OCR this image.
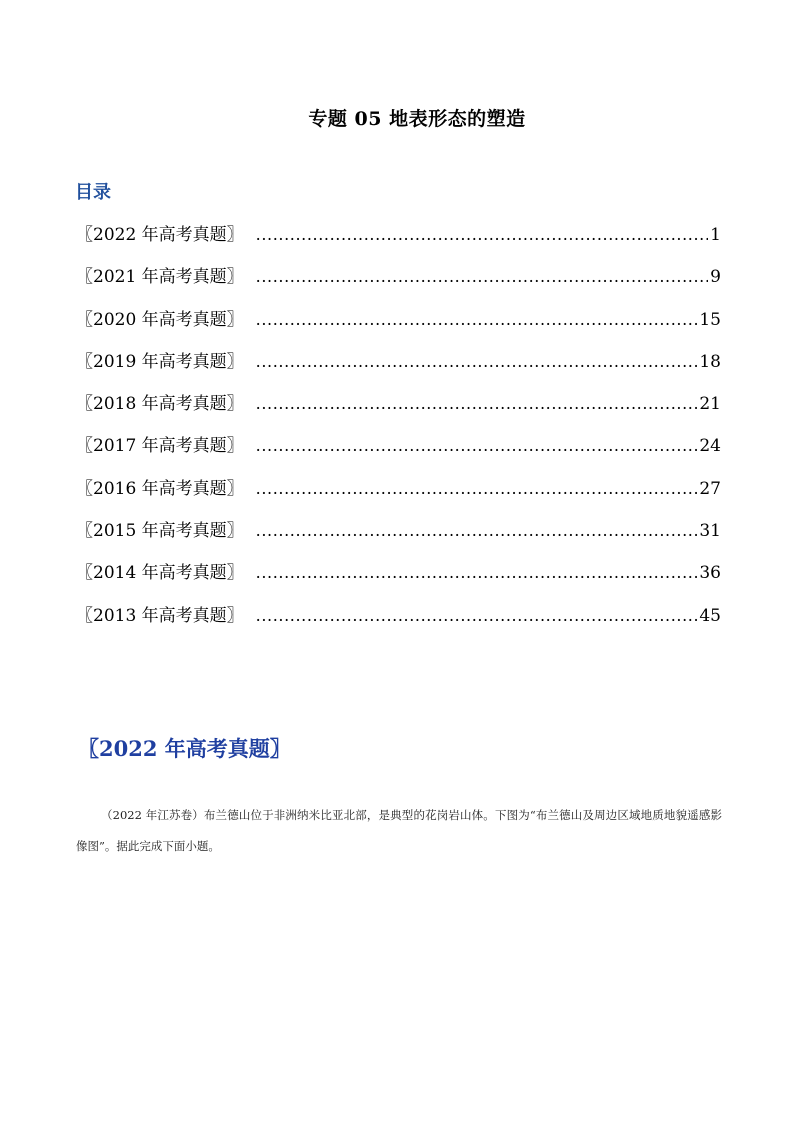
专题 05 地表形态的塑造
目录
〖2022 年高考真题〗 .....	1
〖2021 年高考真题〗 .....	9
〖2020 年高考真题〗 .....	15
〖2019 年高考真题〗 .....	18
〖2018 年高考真题〗 .....	21
〖2017 年高考真题〗 .....	24
〖2016 年高考真题〗 .....	27
〖2015 年高考真题〗 .....	31
〖2014 年高考真题〗 .....	36
〖2013 年高考真题〗 .....	45
〖2022 年高考真题〗

（2022 年江苏卷）布兰德山位于非洲纳米比亚北部，是典型的花岗岩山体。下图为“布兰德山及周边区域地质地貌遥感影像图”。据此完成下面小题。
